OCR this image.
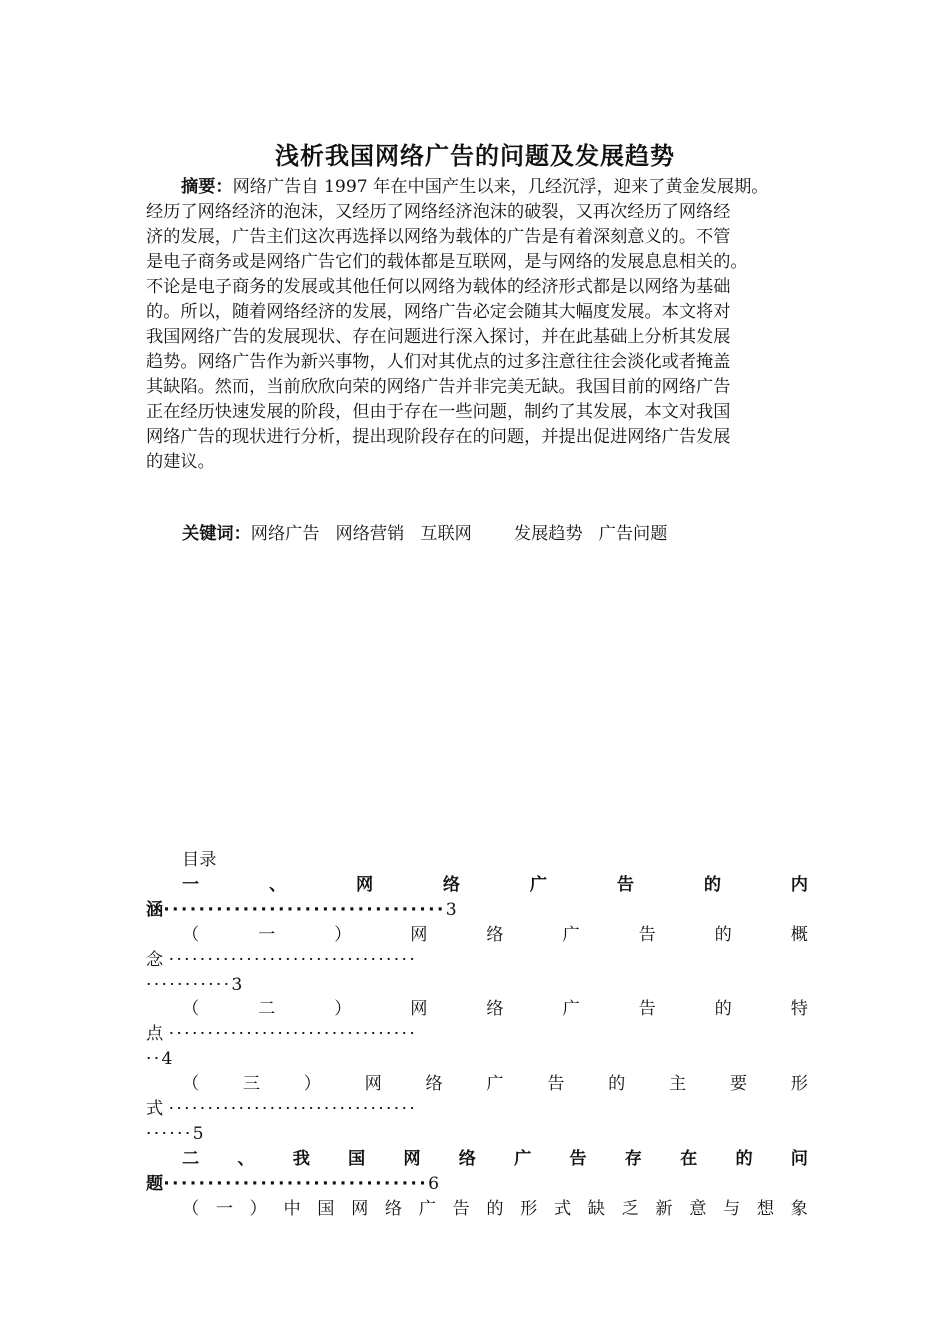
浅析我国网络广告的问题及发展趋势
摘要：网络广告自 1997 年在中国产生以来，几经沉浮，迎来了黄金发展期。
经历了网络经济的泡沫，又经历了网络经济泡沫的破裂，又再次经历了网络经
济的发展，广告主们这次再选择以网络为载体的广告是有着深刻意义的。不管
是电子商务或是网络广告它们的载体都是互联网，是与网络的发展息息相关的。
不论是电子商务的发展或其他任何以网络为载体的经济形式都是以网络为基础
的。所以，随着网络经济的发展，网络广告必定会随其大幅度发展。本文将对
我国网络广告的发展现状、存在问题进行深入探讨，并在此基础上分析其发展
趋势。网络广告作为新兴事物，人们对其优点的过多注意往往会淡化或者掩盖
其缺陷。然而，当前欣欣向荣的网络广告并非完美无缺。我国目前的网络广告
正在经历快速发展的阶段，但由于存在一些问题，制约了其发展，本文对我国
网络广告的现状进行分析，提出现阶段存在的问题，并提出促进网络广告发展
的建议。
关键词：网络广告 网络营销 互联网 发展趋势 广告问题
目录
一	、	网	络	广	告	的	内
涵································3
（	一	）	网	络	广	告	的	概
念 ································
···········3
（	二	）	网	络	广	告	的	特
点 ································
··4
（	三	）	网	络	广	告	的	主	要	形
式 ································
······5
二 、 我 国 网 络 广 告 存 在 的 问
题······························6
（ 一 ） 中 国 网 络 广 告 的 形 式 缺 乏 新 意 与 想 象
